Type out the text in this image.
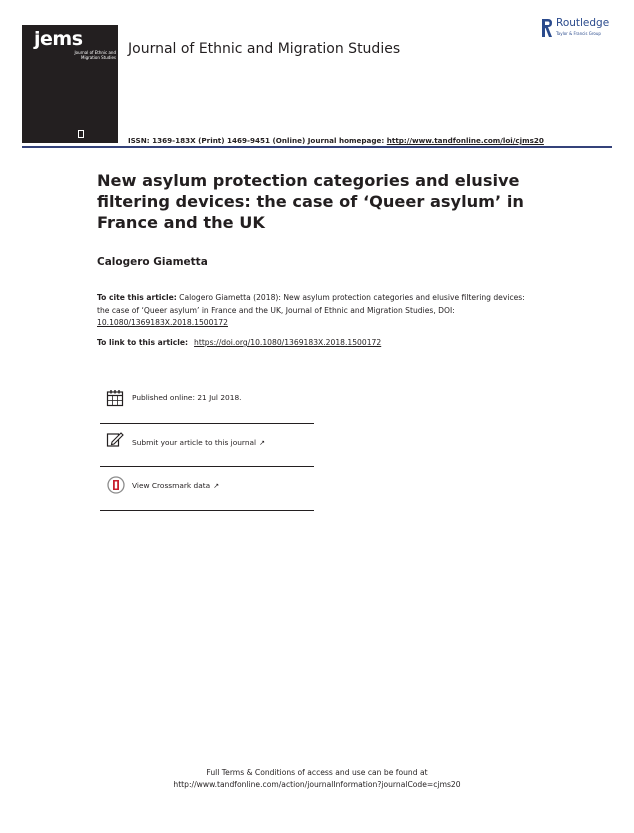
jems
Journal of Ethnic and Migration Studies
Journal of Ethnic and Migration Studies
Routledge
Taylor & Francis Group
ISSN: 1369-183X (Print) 1469-9451 (Online) Journal homepage: http://www.tandfonline.com/loi/cjms20
New asylum protection categories and elusive filtering devices: the case of ‘Queer asylum’ in France and the UK
Calogero Giametta
To cite this article: Calogero Giametta (2018): New asylum protection categories and elusive filtering devices: the case of ‘Queer asylum’ in France and the UK, Journal of Ethnic and Migration Studies, DOI: 10.1080/1369183X.2018.1500172
To link to this article: https://doi.org/10.1080/1369183X.2018.1500172
Published online: 21 Jul 2018.
Submit your article to this journal ↗
View Crossmark data ↗
Full Terms & Conditions of access and use can be found at
http://www.tandfonline.com/action/journalInformation?journalCode=cjms20
